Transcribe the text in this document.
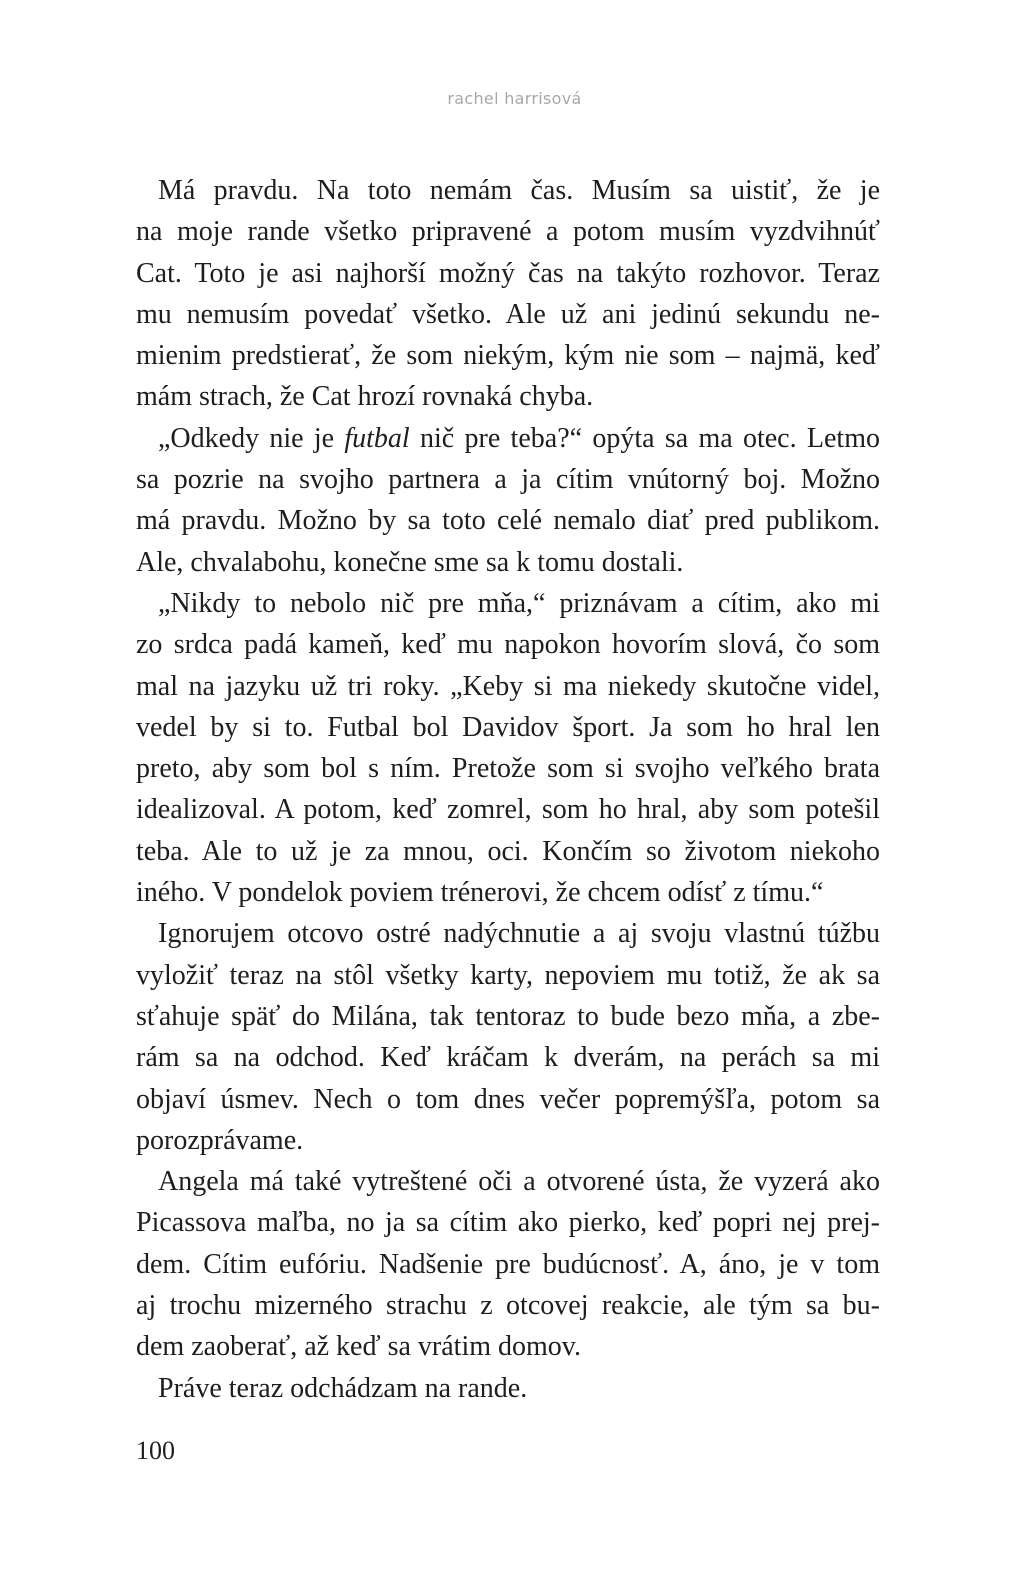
rachel harrisová
Má pravdu. Na toto nemám čas. Musím sa uistiť, že je
na moje rande všetko pripravené a potom musím vyzdvihnúť
Cat. Toto je asi najhorší možný čas na takýto rozhovor. Teraz
mu nemusím povedať všetko. Ale už ani jedinú sekundu ne-
mienim predstierať, že som niekým, kým nie som – najmä, keď
mám strach, že Cat hrozí rovnaká chyba.
„Odkedy nie je futbal nič pre teba?“ opýta sa ma otec. Letmo
sa pozrie na svojho partnera a ja cítim vnútorný boj. Možno
má pravdu. Možno by sa toto celé nemalo diať pred publikom.
Ale, chvalabohu, konečne sme sa k tomu dostali.
„Nikdy to nebolo nič pre mňa,“ priznávam a cítim, ako mi
zo srdca padá kameň, keď mu napokon hovorím slová, čo som
mal na jazyku už tri roky. „Keby si ma niekedy skutočne videl,
vedel by si to. Futbal bol Davidov šport. Ja som ho hral len
preto, aby som bol s ním. Pretože som si svojho veľkého brata
idealizoval. A potom, keď zomrel, som ho hral, aby som potešil
teba. Ale to už je za mnou, oci. Končím so životom niekoho
iného. V pondelok poviem trénerovi, že chcem odísť z tímu.“
Ignorujem otcovo ostré nadýchnutie a aj svoju vlastnú túžbu
vyložiť teraz na stôl všetky karty, nepoviem mu totiž, že ak sa
sťahuje späť do Milána, tak tentoraz to bude bezo mňa, a zbe-
rám sa na odchod. Keď kráčam k dverám, na perách sa mi
objaví úsmev. Nech o tom dnes večer popremýšľa, potom sa
porozprávame.
Angela má také vytreštené oči a otvorené ústa, že vyzerá ako
Picassova maľba, no ja sa cítim ako pierko, keď popri nej prej-
dem. Cítim eufóriu. Nadšenie pre budúcnosť. A, áno, je v tom
aj trochu mizerného strachu z otcovej reakcie, ale tým sa bu-
dem zaoberať, až keď sa vrátim domov.
Práve teraz odchádzam na rande.
100
